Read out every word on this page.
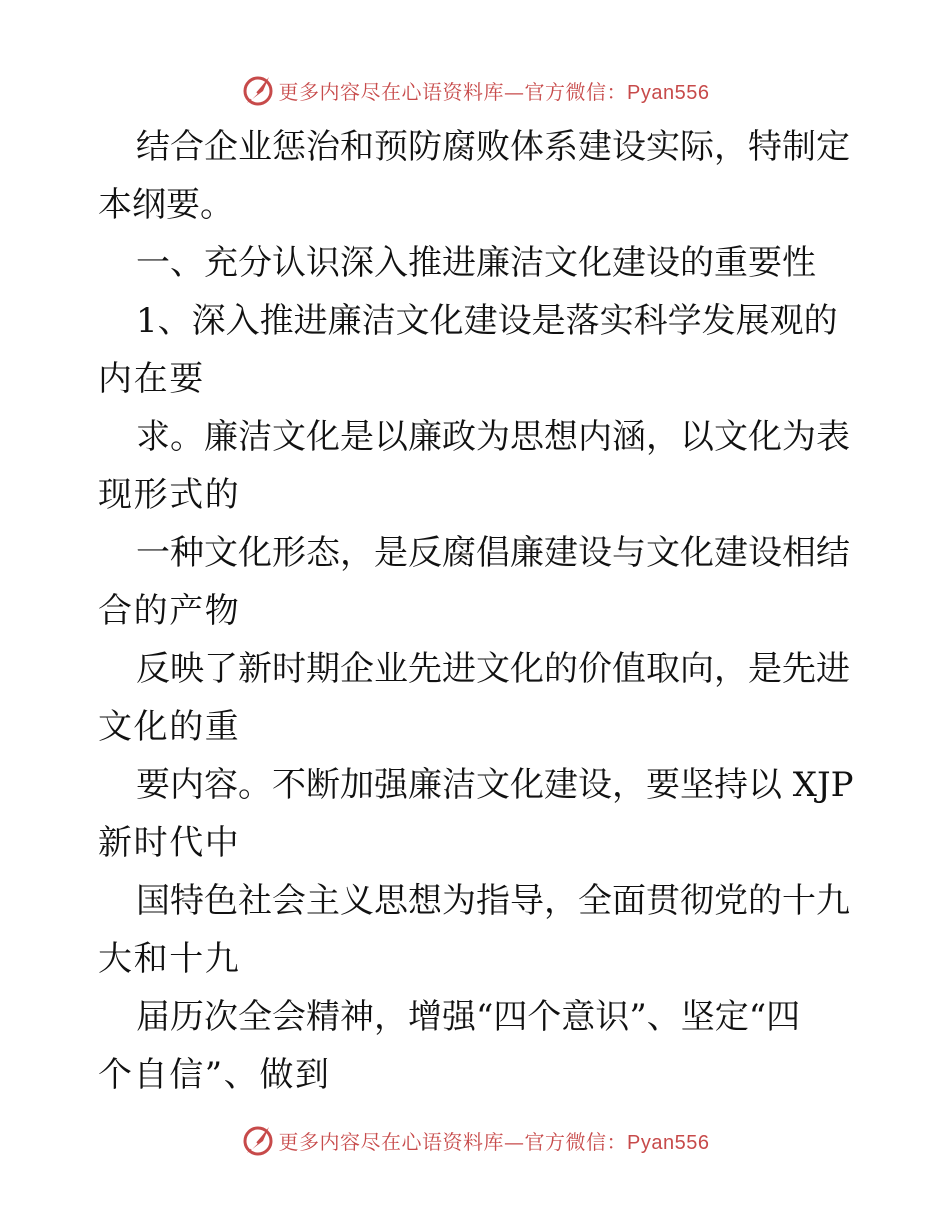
更多内容尽在心语资料库—官方微信：Pyan556
结合企业惩治和预防腐败体系建设实际，特制定
本纲要。
一、充分认识深入推进廉洁文化建设的重要性
1、深入推进廉洁文化建设是落实科学发展观的
内在要
求。廉洁文化是以廉政为思想内涵，以文化为表
现形式的
一种文化形态，是反腐倡廉建设与文化建设相结
合的产物
反映了新时期企业先进文化的价值取向，是先进
文化的重
要内容。不断加强廉洁文化建设，要坚持以 XJP
新时代中
国特色社会主义思想为指导，全面贯彻党的十九
大和十九
届历次全会精神，增强“四个意识”、坚定“四
个自信”、做到
更多内容尽在心语资料库—官方微信：Pyan556
